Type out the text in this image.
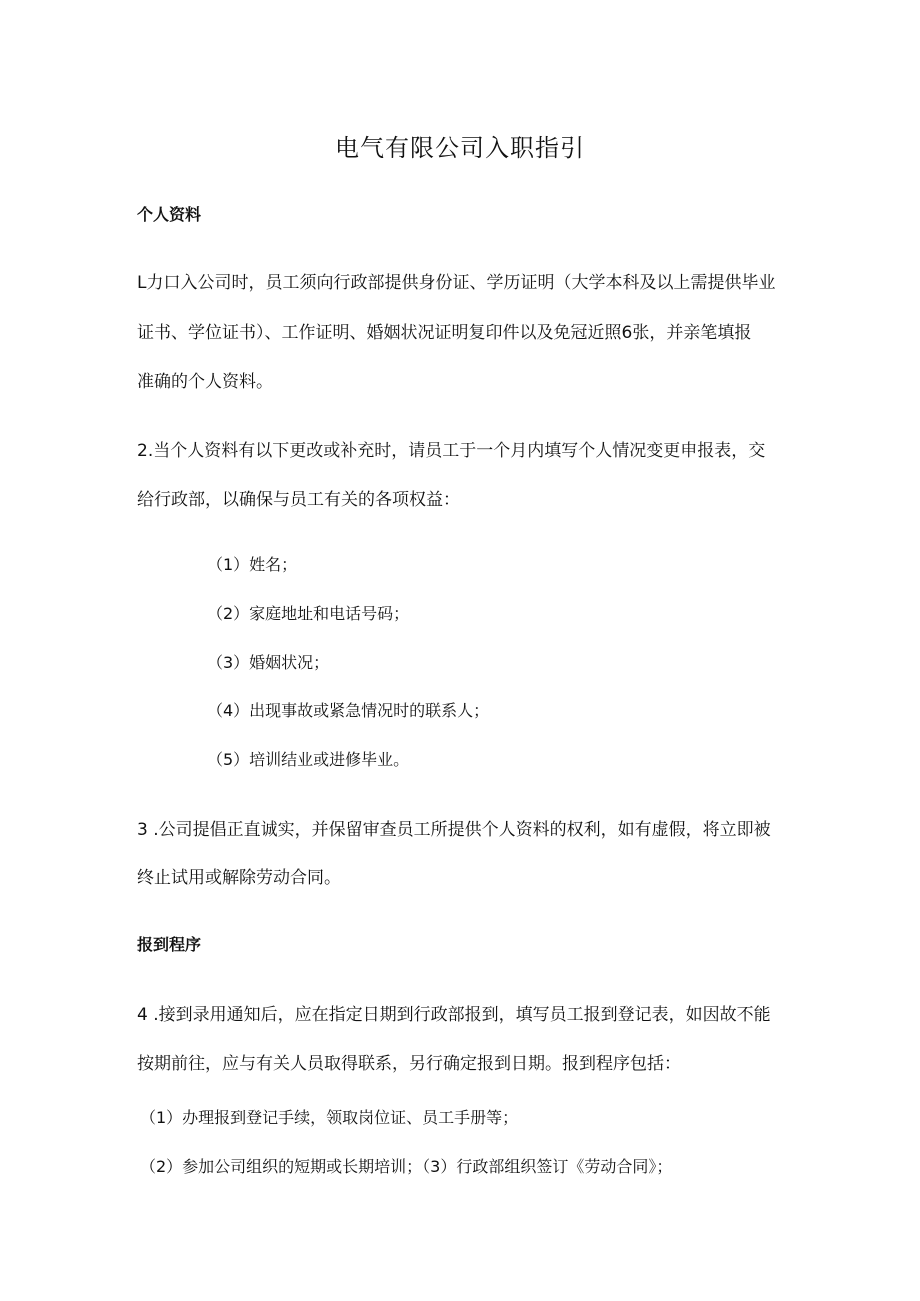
电气有限公司入职指引
个人资料
L力口入公司时，员工须向行政部提供身份证、学历证明（大学本科及以上需提供毕业
证书、学位证书）、工作证明、婚姻状况证明复印件以及免冠近照6张，并亲笔填报
准确的个人资料。
2.当个人资料有以下更改或补充时，请员工于一个月内填写个人情况变更申报表，交
给行政部，以确保与员工有关的各项权益：
（1）姓名；
（2）家庭地址和电话号码；
（3）婚姻状况；
（4）出现事故或紧急情况时的联系人；
（5）培训结业或进修毕业。
3 .公司提倡正直诚实，并保留审查员工所提供个人资料的权利，如有虚假，将立即被
终止试用或解除劳动合同。
报到程序
4 .接到录用通知后，应在指定日期到行政部报到，填写员工报到登记表，如因故不能
按期前往，应与有关人员取得联系，另行确定报到日期。报到程序包括：
（1）办理报到登记手续，领取岗位证、员工手册等；
（2）参加公司组织的短期或长期培训；（3）行政部组织签订《劳动合同》；
